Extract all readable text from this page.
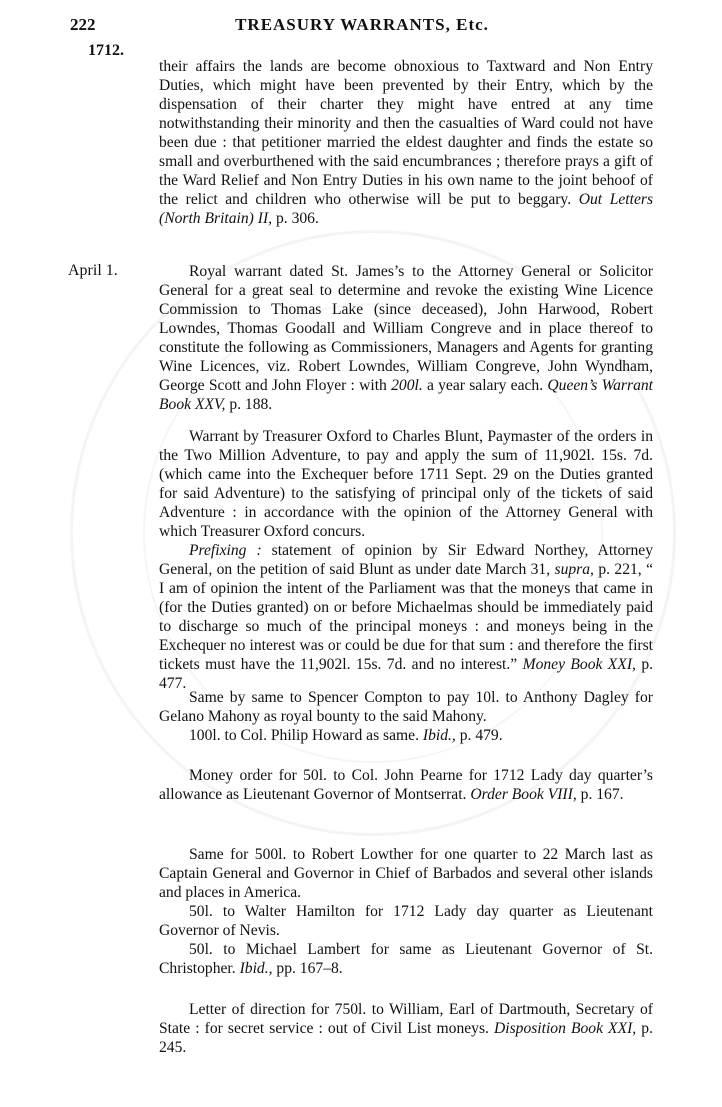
222	TREASURY WARRANTS, Etc.
1712.

their affairs the lands are become obnoxious to Taxtward and Non Entry Duties, which might have been prevented by their Entry, which by the dispensation of their charter they might have entred at any time notwithstanding their minority and then the casualties of Ward could not have been due : that petitioner married the eldest daughter and finds the estate so small and overburthened with the said encumbrances ; therefore prays a gift of the Ward Relief and Non Entry Duties in his own name to the joint behoof of the relict and children who otherwise will be put to beggary. Out Letters (North Britain) II, p. 306.

April 1.	Royal warrant dated St. James’s to the Attorney General or Solicitor General for a great seal to determine and revoke the existing Wine Licence Commission to Thomas Lake (since deceased), John Harwood, Robert Lowndes, Thomas Goodall and William Congreve and in place thereof to constitute the following as Commissioners, Managers and Agents for granting Wine Licences, viz. Robert Lowndes, William Congreve, John Wyndham, George Scott and John Floyer : with 200l. a year salary each. Queen’s Warrant Book XXV, p. 188.

Warrant by Treasurer Oxford to Charles Blunt, Paymaster of the orders in the Two Million Adventure, to pay and apply the sum of 11,902l. 15s. 7d. (which came into the Exchequer before 1711 Sept. 29 on the Duties granted for said Adventure) to the satisfying of principal only of the tickets of said Adventure : in accordance with the opinion of the Attorney General with which Treasurer Oxford concurs.

Prefixing : statement of opinion by Sir Edward Northey, Attorney General, on the petition of said Blunt as under date March 31, supra, p. 221, “ I am of opinion the intent of the Parliament was that the moneys that came in (for the Duties granted) on or before Michaelmas should be immediately paid to discharge so much of the principal moneys : and moneys being in the Exchequer no interest was or could be due for that sum : and therefore the first tickets must have the 11,902l. 15s. 7d. and no interest.” Money Book XXI, p. 477.

Same by same to Spencer Compton to pay 10l. to Anthony Dagley for Gelano Mahony as royal bounty to the said Mahony.

100l. to Col. Philip Howard as same. Ibid., p. 479.

Money order for 50l. to Col. John Pearne for 1712 Lady day quarter’s allowance as Lieutenant Governor of Montserrat. Order Book VIII, p. 167.

Same for 500l. to Robert Lowther for one quarter to 22 March last as Captain General and Governor in Chief of Barbados and several other islands and places in America.

50l. to Walter Hamilton for 1712 Lady day quarter as Lieutenant Governor of Nevis.

50l. to Michael Lambert for same as Lieutenant Governor of St. Christopher. Ibid., pp. 167–8.

Letter of direction for 750l. to William, Earl of Dartmouth, Secretary of State : for secret service : out of Civil List moneys. Disposition Book XXI, p. 245.
